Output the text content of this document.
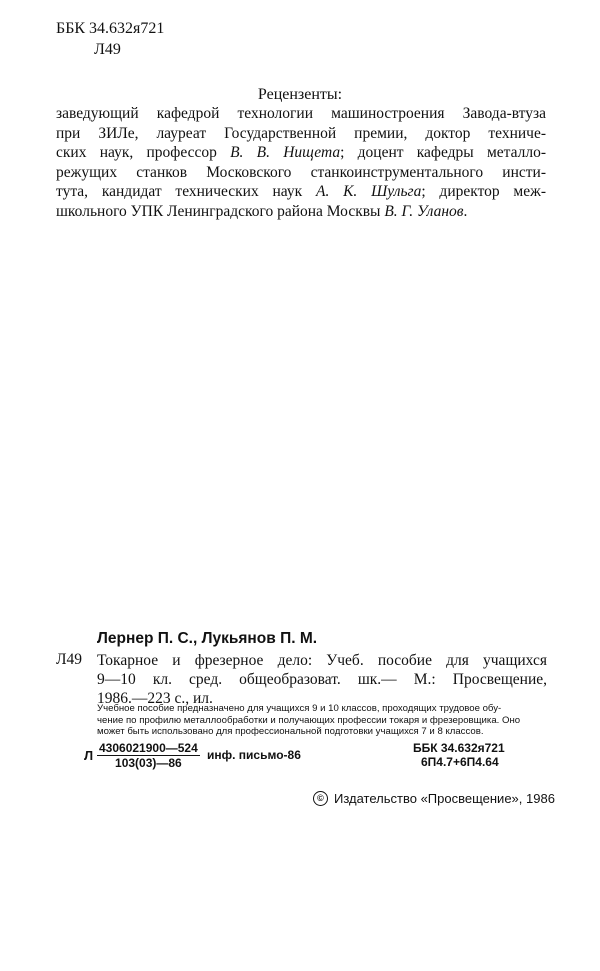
ББК 34.632я721
Л49
Рецензенты:
заведующий кафедрой технологии машиностроения Завода-втуза
при ЗИЛе, лауреат Государственной премии, доктор техниче-
ских наук, профессор В. В. Нищета; доцент кафедры металло-
режущих станков Московского станкоинструментального инсти-
тута, кандидат технических наук А. К. Шульга; директор меж-
школьного УПК Ленинградского района Москвы В. Г. Уланов.
Лернер П. С., Лукьянов П. М.
Л49 Токарное и фрезерное дело: Учеб. пособие для учащихся
9—10 кл. сред. общеобразоват. шк.— М.: Просвещение,
1986.—223 с., ил.
Учебное пособие предназначено для учащихся 9 и 10 классов, проходящих трудовое обу-
чение по профилю металлообработки и получающих профессии токаря и фрезеровщика. Оно
может быть использовано для профессиональной подготовки учащихся 7 и 8 классов.
Л $\frac{4306021900—524}{103(03)—86}$ инф. письмо-86	ББК 34.632я721
6П4.7+6П4.64
© Издательство «Просвещение», 1986
